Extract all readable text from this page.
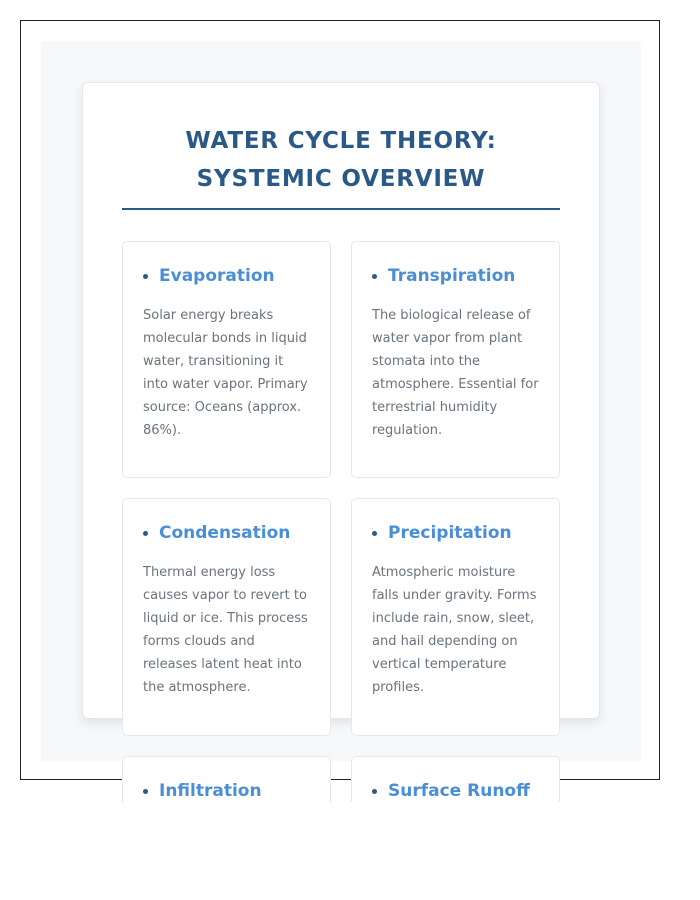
WATER CYCLE THEORY: SYSTEMIC OVERVIEW
Evaporation

Solar energy breaks molecular bonds in liquid water, transitioning it into water vapor. Primary source: Oceans (approx. 86%).

Transpiration

The biological release of water vapor from plant stomata into the atmosphere. Essential for terrestrial humidity regulation.

Condensation

Thermal energy loss causes vapor to revert to liquid or ice. This process forms clouds and releases latent heat into the atmosphere.

Precipitation

Atmospheric moisture falls under gravity. Forms include rain, snow, sleet, and hail depending on vertical temperature profiles.

Infiltration	Surface Runoff
